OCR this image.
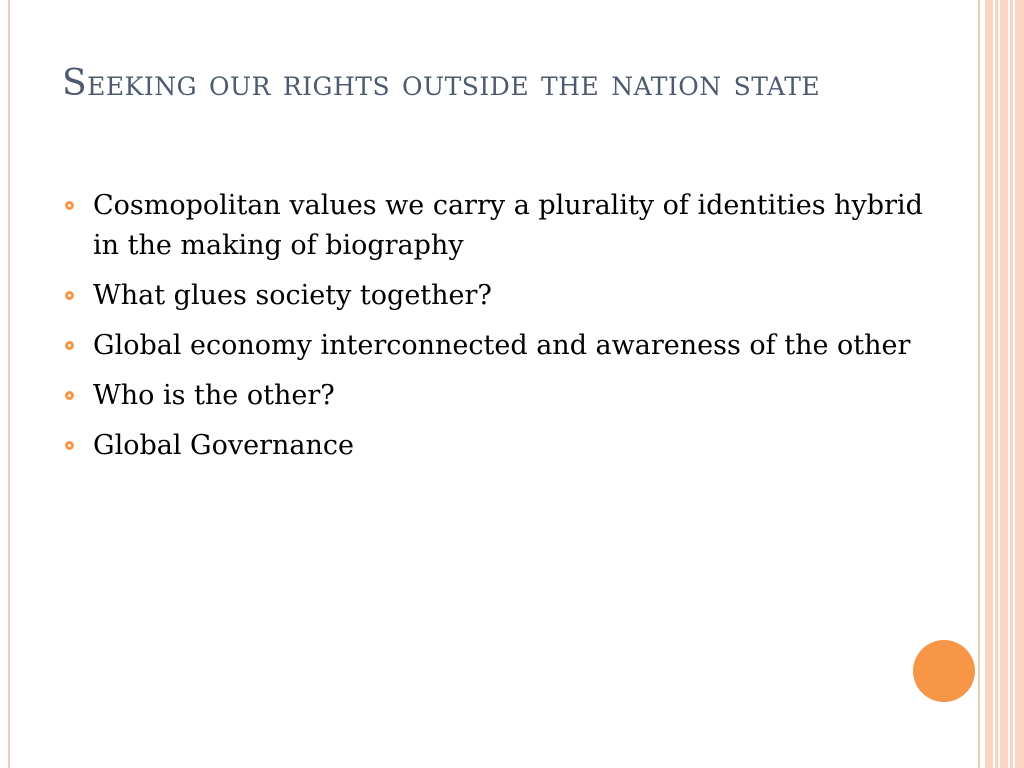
Seeking our rights outside the nation state
Cosmopolitan values we carry a plurality of identities hybrid in the making of biography
What glues society together?
Global economy interconnected and awareness of the other
Who is the other?
Global Governance
